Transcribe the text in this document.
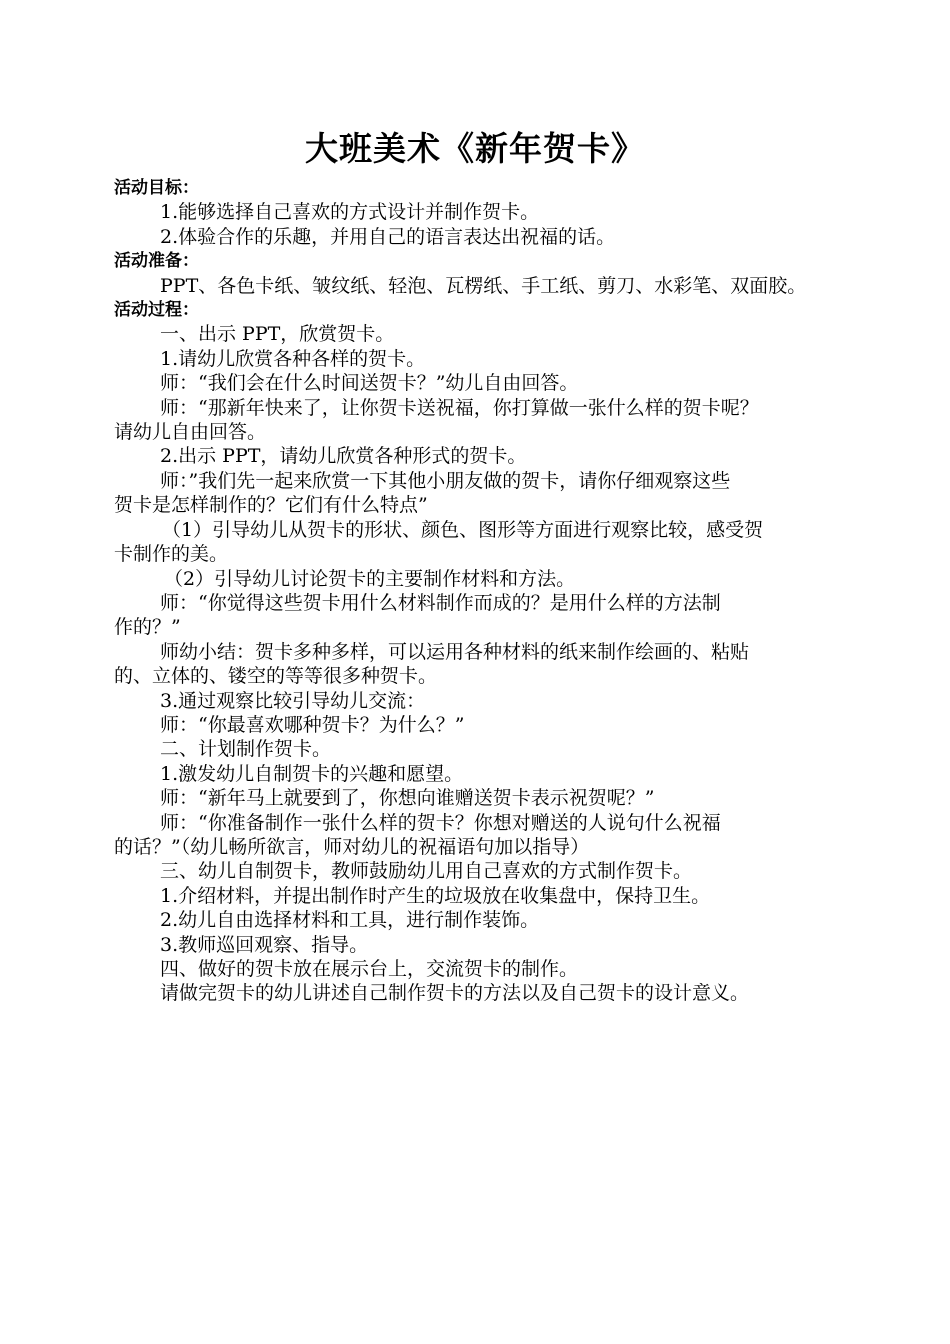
大班美术《新年贺卡》
活动目标：
1.能够选择自己喜欢的方式设计并制作贺卡。
2.体验合作的乐趣，并用自己的语言表达出祝福的话。
活动准备：
PPT、各色卡纸、皱纹纸、轻泡、瓦楞纸、手工纸、剪刀、水彩笔、双面胶。
活动过程：
一、出示 PPT，欣赏贺卡。
1.请幼儿欣赏各种各样的贺卡。
师：“我们会在什么时间送贺卡？”幼儿自由回答。
师：“那新年快来了，让你贺卡送祝福，你打算做一张什么样的贺卡呢？
请幼儿自由回答。
2.出示 PPT，请幼儿欣赏各种形式的贺卡。
师：”我们先一起来欣赏一下其他小朋友做的贺卡，请你仔细观察这些
贺卡是怎样制作的？它们有什么特点”
（1）引导幼儿从贺卡的形状、颜色、图形等方面进行观察比较，感受贺
卡制作的美。
（2）引导幼儿讨论贺卡的主要制作材料和方法。
师：“你觉得这些贺卡用什么材料制作而成的？是用什么样的方法制
作的？”
师幼小结：贺卡多种多样，可以运用各种材料的纸来制作绘画的、粘贴
的、立体的、镂空的等等很多种贺卡。
3.通过观察比较引导幼儿交流：
师：“你最喜欢哪种贺卡？为什么？”
二、计划制作贺卡。
1.激发幼儿自制贺卡的兴趣和愿望。
师：“新年马上就要到了，你想向谁赠送贺卡表示祝贺呢？”
师：“你准备制作一张什么样的贺卡？你想对赠送的人说句什么祝福
的话？”（幼儿畅所欲言，师对幼儿的祝福语句加以指导）
三、幼儿自制贺卡，教师鼓励幼儿用自己喜欢的方式制作贺卡。
1.介绍材料，并提出制作时产生的垃圾放在收集盘中，保持卫生。
2.幼儿自由选择材料和工具，进行制作装饰。
3.教师巡回观察、指导。
四、做好的贺卡放在展示台上，交流贺卡的制作。
请做完贺卡的幼儿讲述自己制作贺卡的方法以及自己贺卡的设计意义。
